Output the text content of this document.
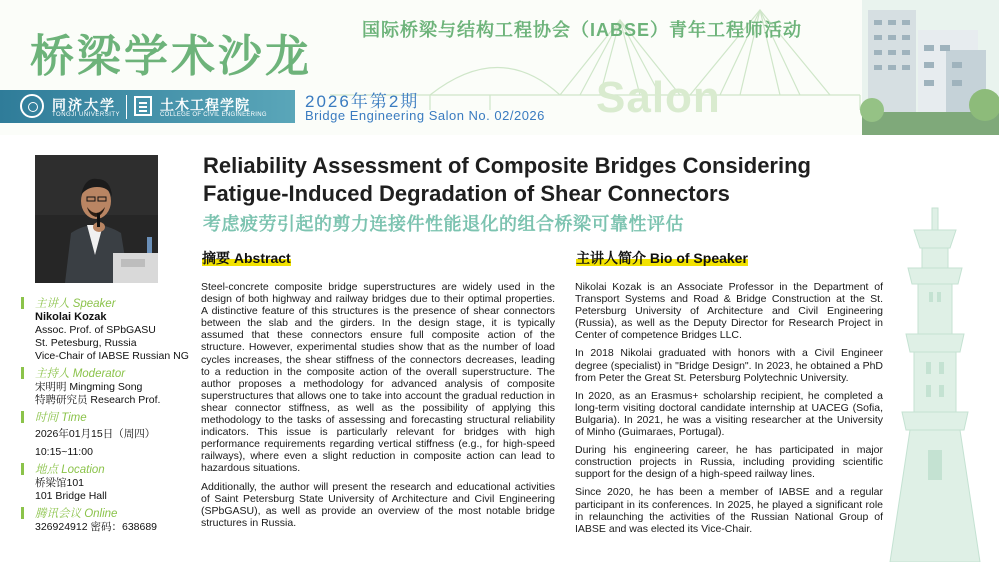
桥梁学术沙龙
国际桥梁与结构工程协会（IABSE）青年工程师活动
2026年第2期
Bridge Engineering Salon No. 02/2026 Salon
同济大学
TONGJI UNIVERSITY
土木工程学院
COLLEGE OF CIVIL ENGINEERING
主讲人 Speaker
Nikolai Kozak
Assoc. Prof. of SPbGASU
St. Petesburg, Russia
Vice-Chair of IABSE Russian NG
主持人 Moderator
宋明明 Mingming Song
特聘研究员 Research Prof.
时间 Time
2026年01月15日（周四）
10:15~11:00
地点 Location
桥梁馆101
101 Bridge Hall
腾讯会议 Online
326924912 密码：638689
Reliability Assessment of Composite Bridges Considering
Fatigue-Induced Degradation of Shear Connectors
考虑疲劳引起的剪力连接件性能退化的组合桥梁可靠性评估
摘要 Abstract

Steel-concrete composite bridge superstructures are widely used in the design of both highway and railway bridges due to their optimal properties. A distinctive feature of this structures is the presence of shear connectors between the slab and the girders. In the design stage, it is typically assumed that these connectors ensure full composite action of the structure. However, experimental studies show that as the number of load cycles increases, the shear stiffness of the connectors decreases, leading to a reduction in the composite action of the overall superstructure. The author proposes a methodology for advanced analysis of composite superstructures that allows one to take into account the gradual reduction in shear connector stiffness, as well as the possibility of applying this methodology to the tasks of assessing and forecasting structural reliability indicators. This issue is particularly relevant for bridges with high performance requirements regarding vertical stiffness (e.g., for high-speed railways), where even a slight reduction in composite action can lead to hazardous situations.

Additionally, the author will present the research and educational activities of Saint Petersburg State University of Architecture and Civil Engineering (SPbGASU), as well as provide an overview of the most notable bridge structures in Russia.

主讲人简介 Bio of Speaker

Nikolai Kozak is an Associate Professor in the Department of Transport Systems and Road & Bridge Construction at the St. Petersburg University of Architecture and Civil Engineering (Russia), as well as the Deputy Director for Research Project in Center of competence Bridges LLC.

In 2018 Nikolai graduated with honors with a Civil Engineer degree (specialist) in "Bridge Design". In 2023, he obtained a PhD from Peter the Great St. Petersburg Polytechnic University.

In 2020, as an Erasmus+ scholarship recipient, he completed a long-term visiting doctoral candidate internship at UACEG (Sofia, Bulgaria). In 2021, he was a visiting researcher at the University of Minho (Guimaraes, Portugal).

During his engineering career, he has participated in major construction projects in Russia, including providing scientific support for the design of a high-speed railway lines.

Since 2020, he has been a member of IABSE and a regular participant in its conferences. In 2025, he played a significant role in relaunching the activities of the Russian National Group of IABSE and was elected its Vice-Chair.
